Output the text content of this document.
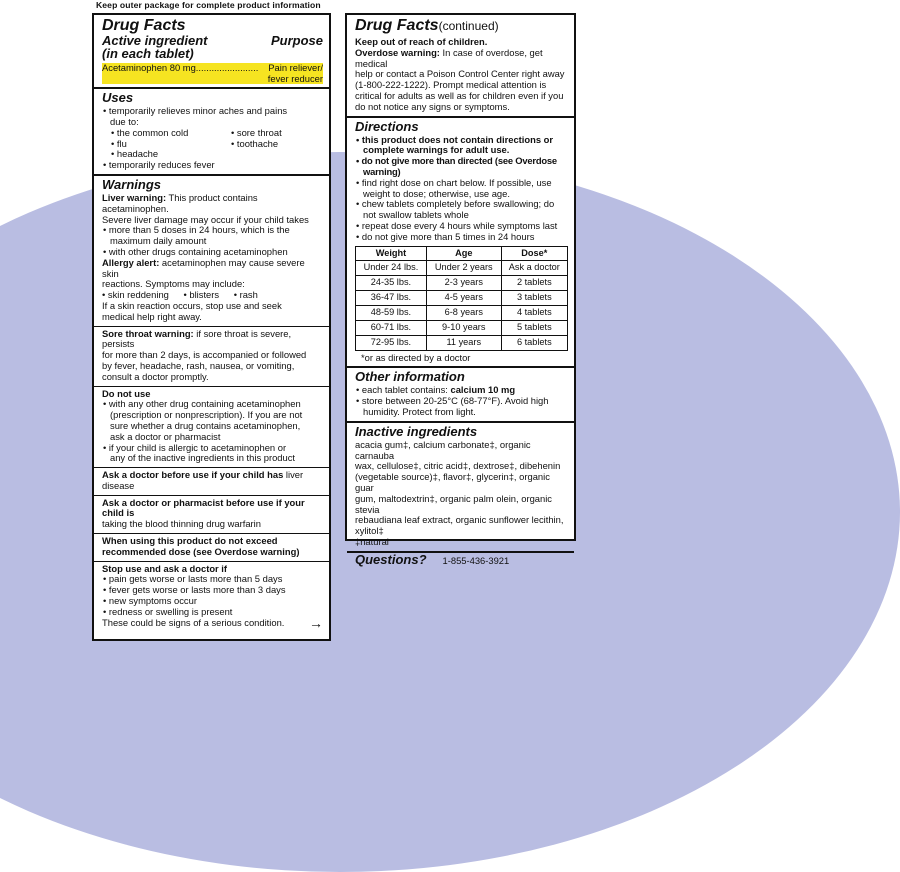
Keep outer package for complete product information
Drug Facts
Active ingredient	Purpose
(in each tablet)
Acetaminophen 80 mg........................ Pain reliever/
fever reducer
Uses
• temporarily relieves minor aches and pains
due to:
• the common cold
• flu
• headache
• sore throat
• toothache
• temporarily reduces fever
Warnings
Liver warning: This product contains acetaminophen.
Severe liver damage may occur if your child takes
• more than 5 doses in 24 hours, which is the
maximum daily amount
• with other drugs containing acetaminophen
Allergy alert: acetaminophen may cause severe skin
reactions. Symptoms may include:
• skin reddening • blisters • rash
If a skin reaction occurs, stop use and seek
medical help right away.
Sore throat warning: if sore throat is severe, persists
for more than 2 days, is accompanied or followed
by fever, headache, rash, nausea, or vomiting,
consult a doctor promptly.
Do not use
• with any other drug containing acetaminophen
(prescription or nonprescription). If you are not
sure whether a drug contains acetaminophen,
ask a doctor or pharmacist
• if your child is allergic to acetaminophen or
any of the inactive ingredients in this product
Ask a doctor before use if your child has liver disease
Ask a doctor or pharmacist before use if your child is
taking the blood thinning drug warfarin
When using this product do not exceed
recommended dose (see Overdose warning)
Stop use and ask a doctor if
• pain gets worse or lasts more than 5 days
• fever gets worse or lasts more than 3 days
• new symptoms occur
• redness or swelling is present
These could be signs of a serious condition.	→
Drug Facts(continued)
Keep out of reach of children.
Overdose warning: In case of overdose, get medical
help or contact a Poison Control Center right away
(1-800-222-1222). Prompt medical attention is
critical for adults as well as for children even if you
do not notice any signs or symptoms.
Directions
• this product does not contain directions or
complete warnings for adult use.
• do not give more than directed (see Overdose warning)
• find right dose on chart below. If possible, use
weight to dose; otherwise, use age.
• chew tablets completely before swallowing; do
not swallow tablets whole
• repeat dose every 4 hours while symptoms last
• do not give more than 5 times in 24 hours
Weight	Age	Dose*
Under 24 lbs.	Under 2 years	Ask a doctor
24-35 lbs.	2-3 years	2 tablets
36-47 lbs.	4-5 years	3 tablets
48-59 lbs.	6-8 years	4 tablets
60-71 lbs.	9-10 years	5 tablets
72-95 lbs.	11 years	6 tablets
*or as directed by a doctor
Other information
• each tablet contains: calcium 10 mg
• store between 20-25°C (68-77°F). Avoid high
humidity. Protect from light.
Inactive ingredients
acacia gum‡, calcium carbonate‡, organic carnauba
wax, cellulose‡, citric acid‡, dextrose‡, dibehenin
(vegetable source)‡, flavor‡, glycerin‡, organic guar
gum, maltodextrin‡, organic palm olein, organic stevia
rebaudiana leaf extract, organic sunflower lecithin,
xylitol‡
‡natural
Questions? 1-855-436-3921
